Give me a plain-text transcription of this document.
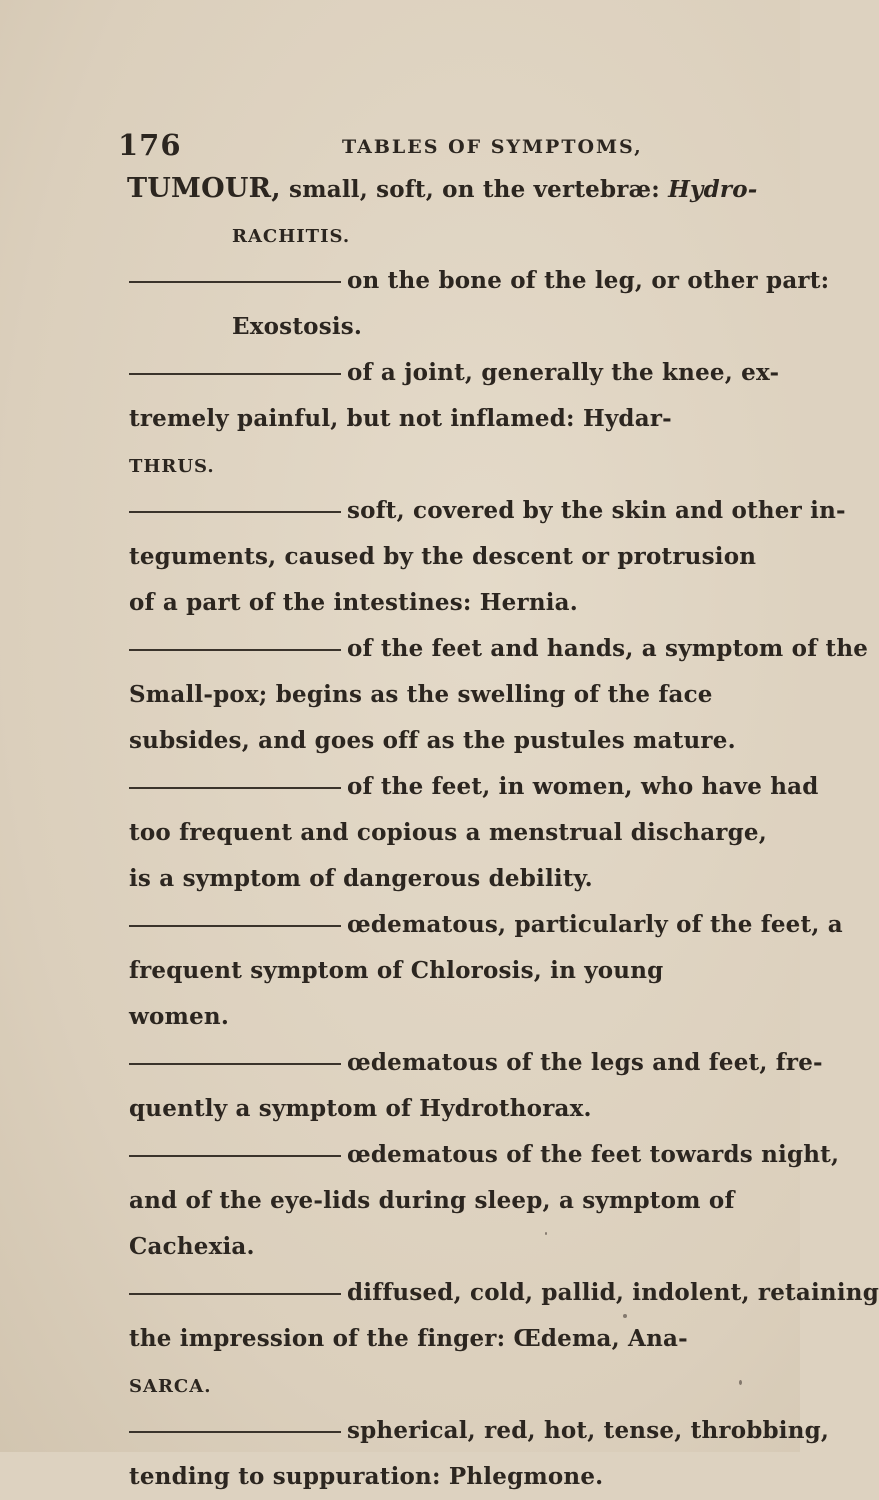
176	TABLES OF SYMPTOMS,
TUMOUR, small, soft, on the vertebræ: Hydro-
RACHITIS.
on the bone of the leg, or other part:
Exostosis.
of a joint, generally the knee, ex-
tremely painful, but not inflamed: Hydar-
THRUS.
soft, covered by the skin and other in-
teguments, caused by the descent or protrusion
of a part of the intestines: Hernia.
of the feet and hands, a symptom of the
Small-pox; begins as the swelling of the face
subsides, and goes off as the pustules mature.
of the feet, in women, who have had
too frequent and copious a menstrual discharge,
is a symptom of dangerous debility.
œdematous, particularly of the feet, a
frequent symptom of Chlorosis, in young
women.
œdematous of the legs and feet, fre-
quently a symptom of Hydrothorax.
œdematous of the feet towards night,
and of the eye-lids during sleep, a symptom of
Cachexia.
diffused, cold, pallid, indolent, retaining
the impression of the finger: Œdema, Ana-
SARCA.
spherical, red, hot, tense, throbbing,
tending to suppuration: Phlegmone.
